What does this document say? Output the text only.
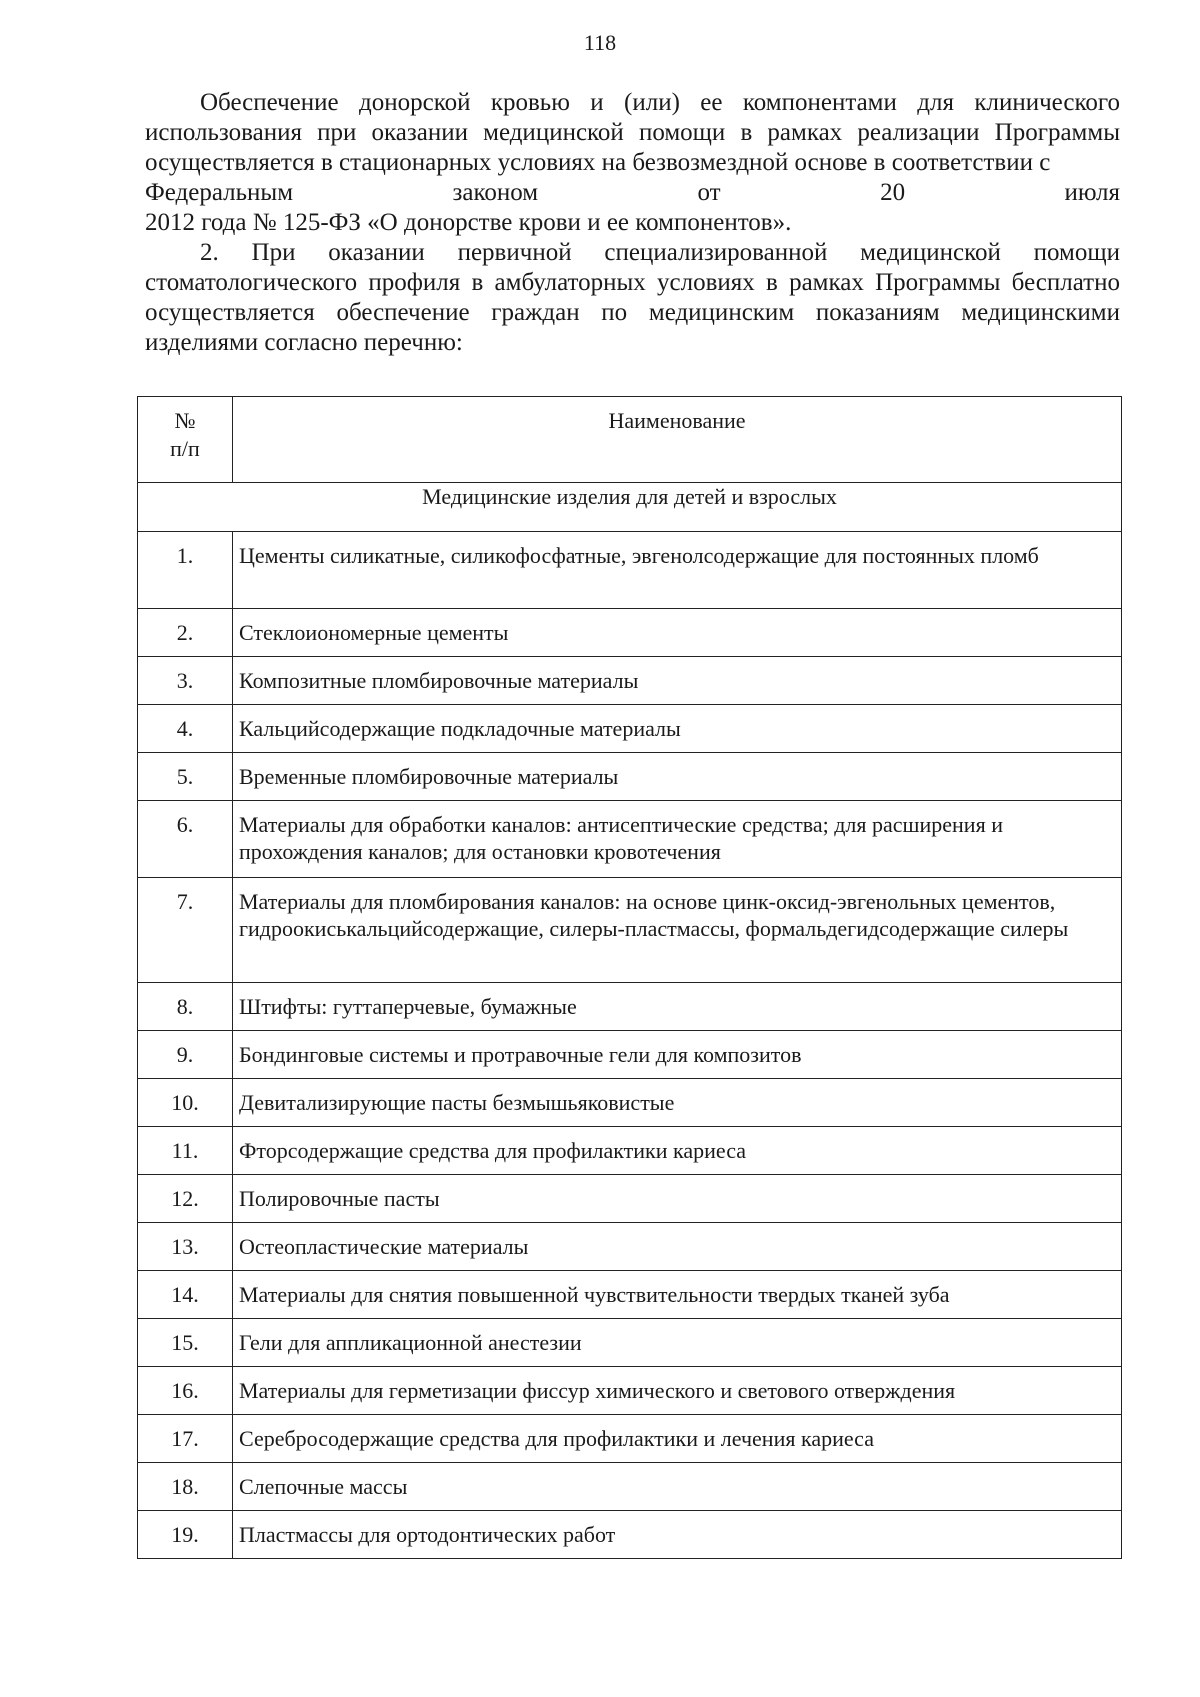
118

Обеспечение донорской кровью и (или) ее компонентами для клинического использования при оказании медицинской помощи в рамках реализации Программы осуществляется в стационарных условиях на безвозмездной основе в соответствии с

Федеральным	законом	от	20	июля
2012 года № 125-ФЗ «О донорстве крови и ее компонентов».

2. При оказании первичной специализированной медицинской помощи стоматологического профиля в амбулаторных условиях в рамках Программы бесплатно осуществляется обеспечение граждан по медицинским показаниям медицинскими изделиями согласно перечню:

№
п/п	Наименование
Медицинские изделия для детей и взрослых	
1.	Цементы силикатные, силикофосфатные, эвгенолсодержащие для постоянных пломб
2.	Стеклоиономерные цементы
3.	Композитные пломбировочные материалы
4.	Кальцийсодержащие подкладочные материалы
5.	Временные пломбировочные материалы
6.	Материалы для обработки каналов: антисептические средства; для расширения и прохождения каналов; для остановки кровотечения
7.	Материалы для пломбирования каналов: на основе цинк-оксид-эвгенольных цементов, гидроокиськальцийсодержащие, силеры-пластмассы, формальдегидсодержащие силеры
8.	Штифты: гуттаперчевые, бумажные
9.	Бондинговые системы и протравочные гели для композитов
10.	Девитализирующие пасты безмышьяковистые
11.	Фторсодержащие средства для профилактики кариеса
12.	Полировочные пасты
13.	Остеопластические материалы
14.	Материалы для снятия повышенной чувствительности твердых тканей зуба
15.	Гели для аппликационной анестезии
16.	Материалы для герметизации фиссур химического и светового отверждения
17.	Серебросодержащие средства для профилактики и лечения кариеса
18.	Слепочные массы
19.	Пластмассы для ортодонтических работ
